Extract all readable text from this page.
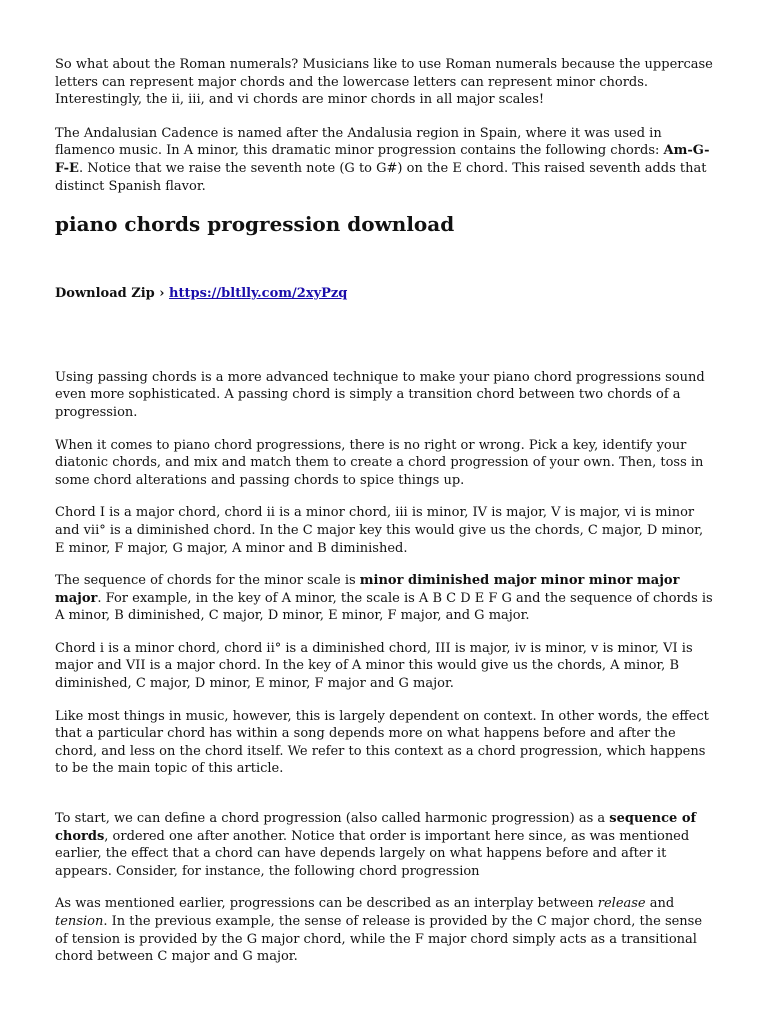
So what about the Roman numerals? Musicians like to use Roman numerals because the uppercase letters can represent major chords and the lowercase letters can represent minor chords. Interestingly, the ii, iii, and vi chords are minor chords in all major scales!

The Andalusian Cadence is named after the Andalusia region in Spain, where it was used in flamenco music. In A minor, this dramatic minor progression contains the following chords: Am-G-F-E. Notice that we raise the seventh note (G to G#) on the E chord. This raised seventh adds that distinct Spanish flavor.

piano chords progression download

Download Zip › https://bltlly.com/2xyPzq

Using passing chords is a more advanced technique to make your piano chord progressions sound even more sophisticated. A passing chord is simply a transition chord between two chords of a progression.

When it comes to piano chord progressions, there is no right or wrong. Pick a key, identify your diatonic chords, and mix and match them to create a chord progression of your own. Then, toss in some chord alterations and passing chords to spice things up.

Chord I is a major chord, chord ii is a minor chord, iii is minor, IV is major, V is major, vi is minor and vii° is a diminished chord. In the C major key this would give us the chords, C major, D minor, E minor, F major, G major, A minor and B diminished.

The sequence of chords for the minor scale is minor diminished major minor minor major major. For example, in the key of A minor, the scale is A B C D E F G and the sequence of chords is A minor, B diminished, C major, D minor, E minor, F major, and G major.

Chord i is a minor chord, chord ii° is a diminished chord, III is major, iv is minor, v is minor, VI is major and VII is a major chord. In the key of A minor this would give us the chords, A minor, B diminished, C major, D minor, E minor, F major and G major.

Like most things in music, however, this is largely dependent on context. In other words, the effect that a particular chord has within a song depends more on what happens before and after the chord, and less on the chord itself. We refer to this context as a chord progression, which happens to be the main topic of this article.

To start, we can define a chord progression (also called harmonic progression) as a sequence of chords, ordered one after another. Notice that order is important here since, as was mentioned earlier, the effect that a chord can have depends largely on what happens before and after it appears. Consider, for instance, the following chord progression

As was mentioned earlier, progressions can be described as an interplay between release and tension. In the previous example, the sense of release is provided by the C major chord, the sense of tension is provided by the G major chord, while the F major chord simply acts as a transitional chord between C major and G major.
